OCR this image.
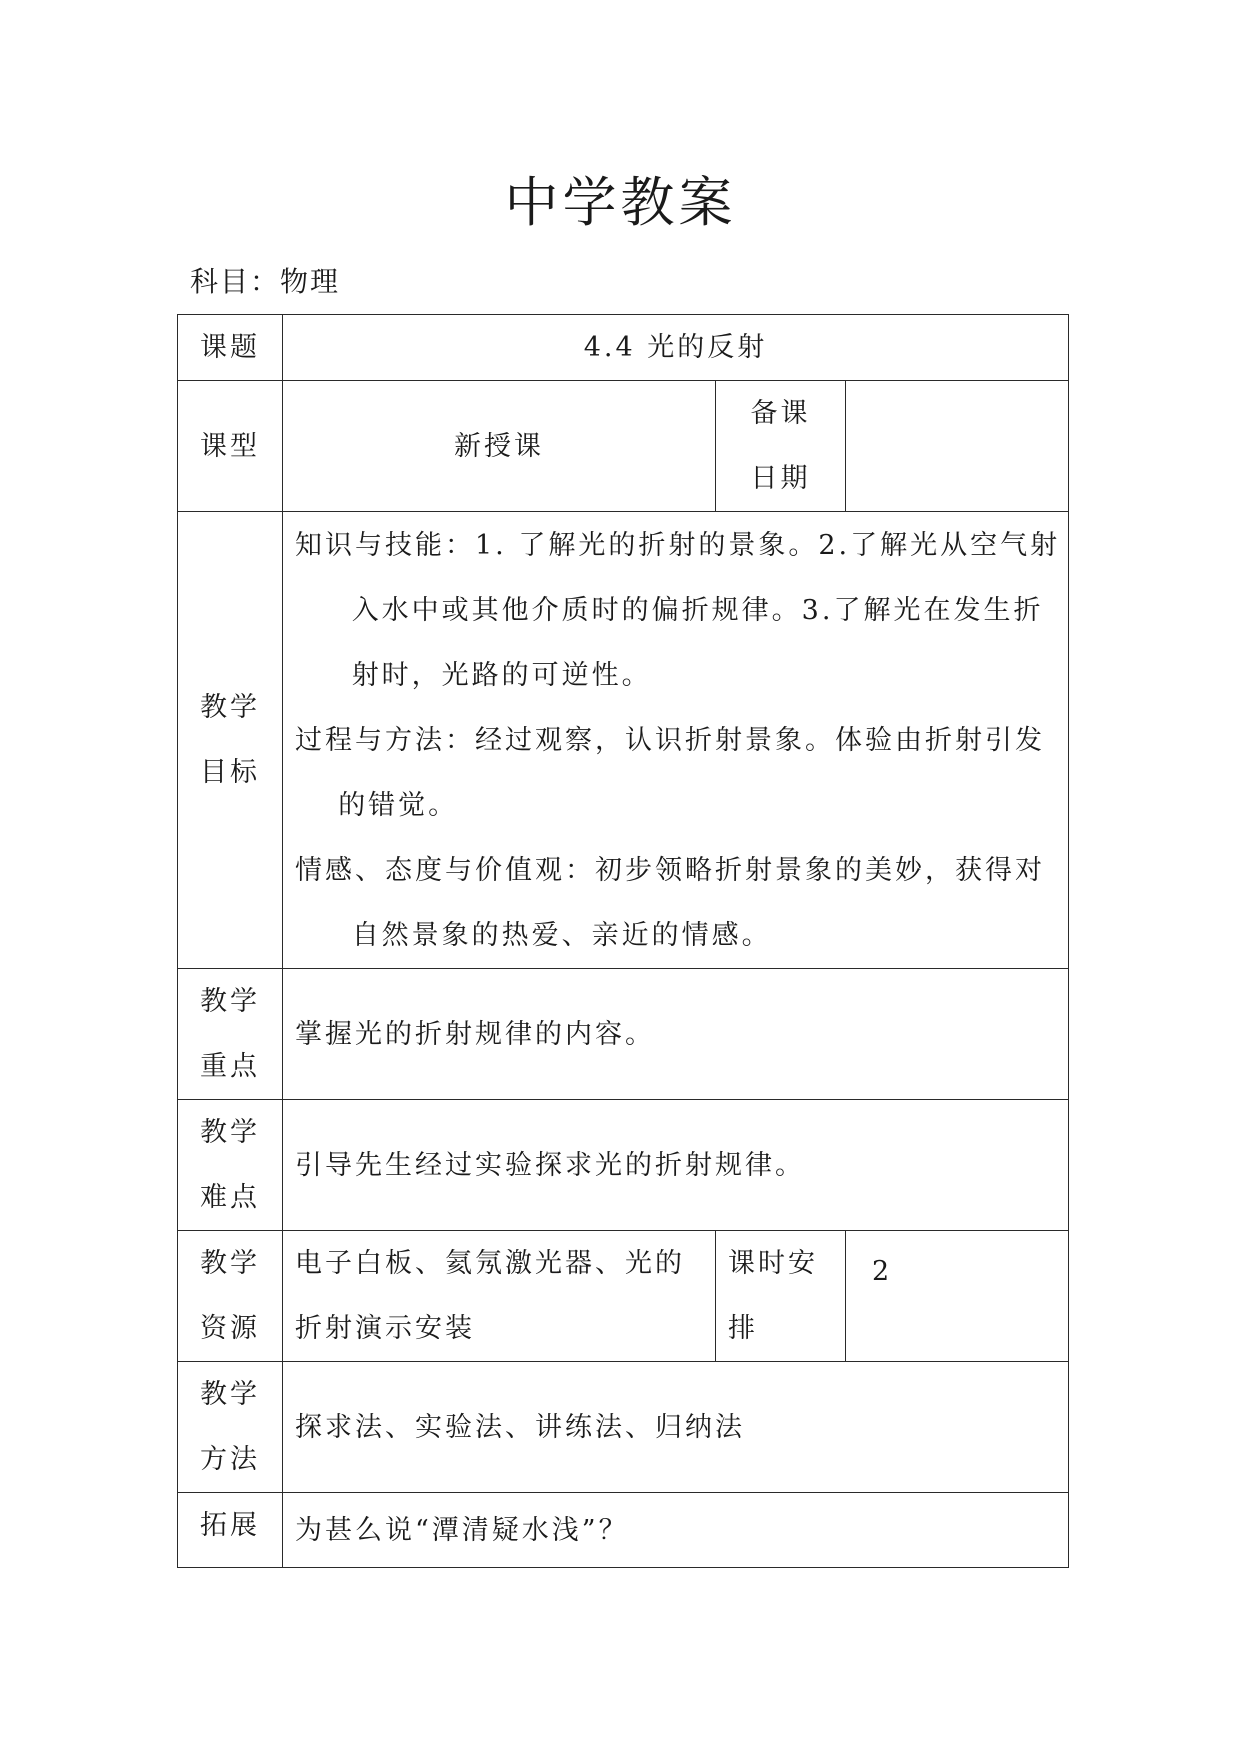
中学教案
科目：物理
课题	4.4 光的反射		
课型	新授课	备课日期	

教学目标	知识与技能：1. 了解光的折射的景象。2.了解光从空气射入水中或其他介质时的偏折规律。3.了解光在发生折射时，光路的可逆性。
过程与方法：经过观察，认识折射景象。体验由折射引发的错觉。
情感、态度与价值观：初步领略折射景象的美妙，获得对自然景象的热爱、亲近的情感。		

教学重点	掌握光的折射规律的内容。		

教学难点	引导先生经过实验探求光的折射规律。		

教学资源	电子白板、氦氖激光器、光的折射演示安装	课时安排	2

教学方法	探求法、实验法、讲练法、归纳法		
拓展	为甚么说“潭清疑水浅”？		
